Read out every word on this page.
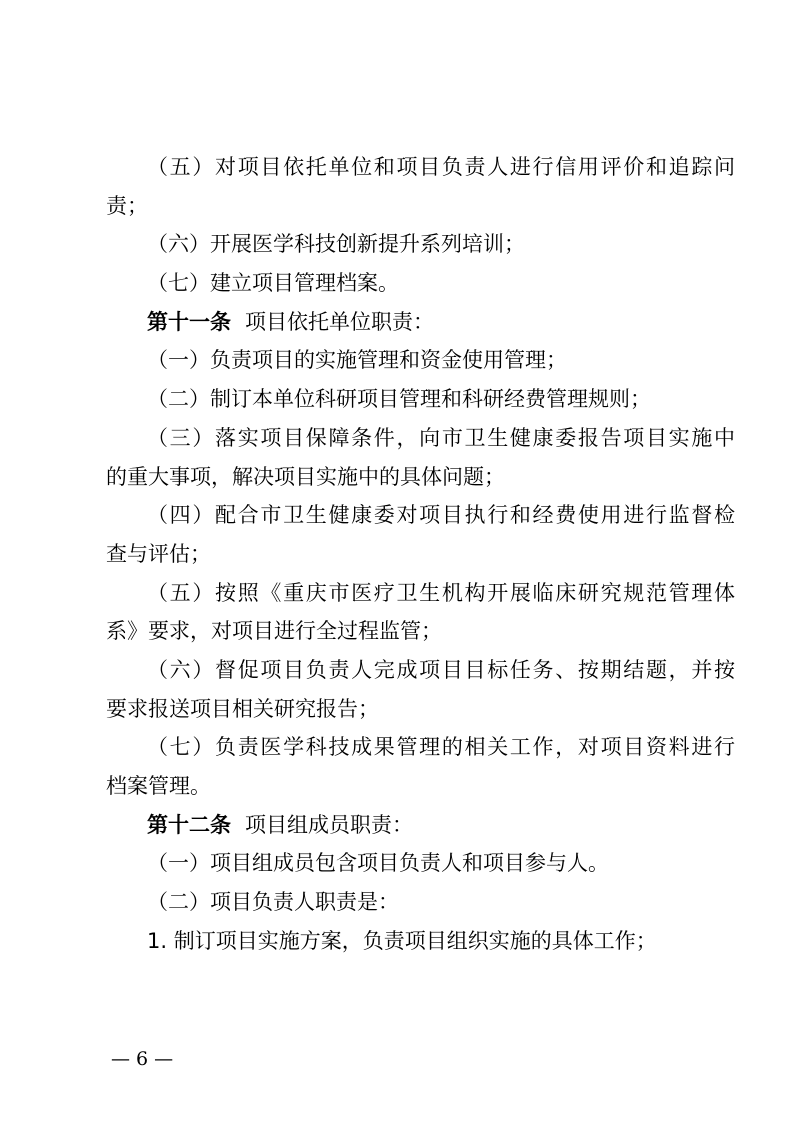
（五）对项目依托单位和项目负责人进行信用评价和追踪问
责；
（六）开展医学科技创新提升系列培训；
（七）建立项目管理档案。
第十一条 项目依托单位职责：
（一）负责项目的实施管理和资金使用管理；
（二）制订本单位科研项目管理和科研经费管理规则；
（三）落实项目保障条件，向市卫生健康委报告项目实施中
的重大事项，解决项目实施中的具体问题；
（四）配合市卫生健康委对项目执行和经费使用进行监督检
查与评估；
（五）按照《重庆市医疗卫生机构开展临床研究规范管理体
系》要求，对项目进行全过程监管；
（六）督促项目负责人完成项目目标任务、按期结题，并按
要求报送项目相关研究报告；
（七）负责医学科技成果管理的相关工作，对项目资料进行
档案管理。
第十二条 项目组成员职责：
（一）项目组成员包含项目负责人和项目参与人。
（二）项目负责人职责是：
1. 制订项目实施方案，负责项目组织实施的具体工作；
— 6 —
